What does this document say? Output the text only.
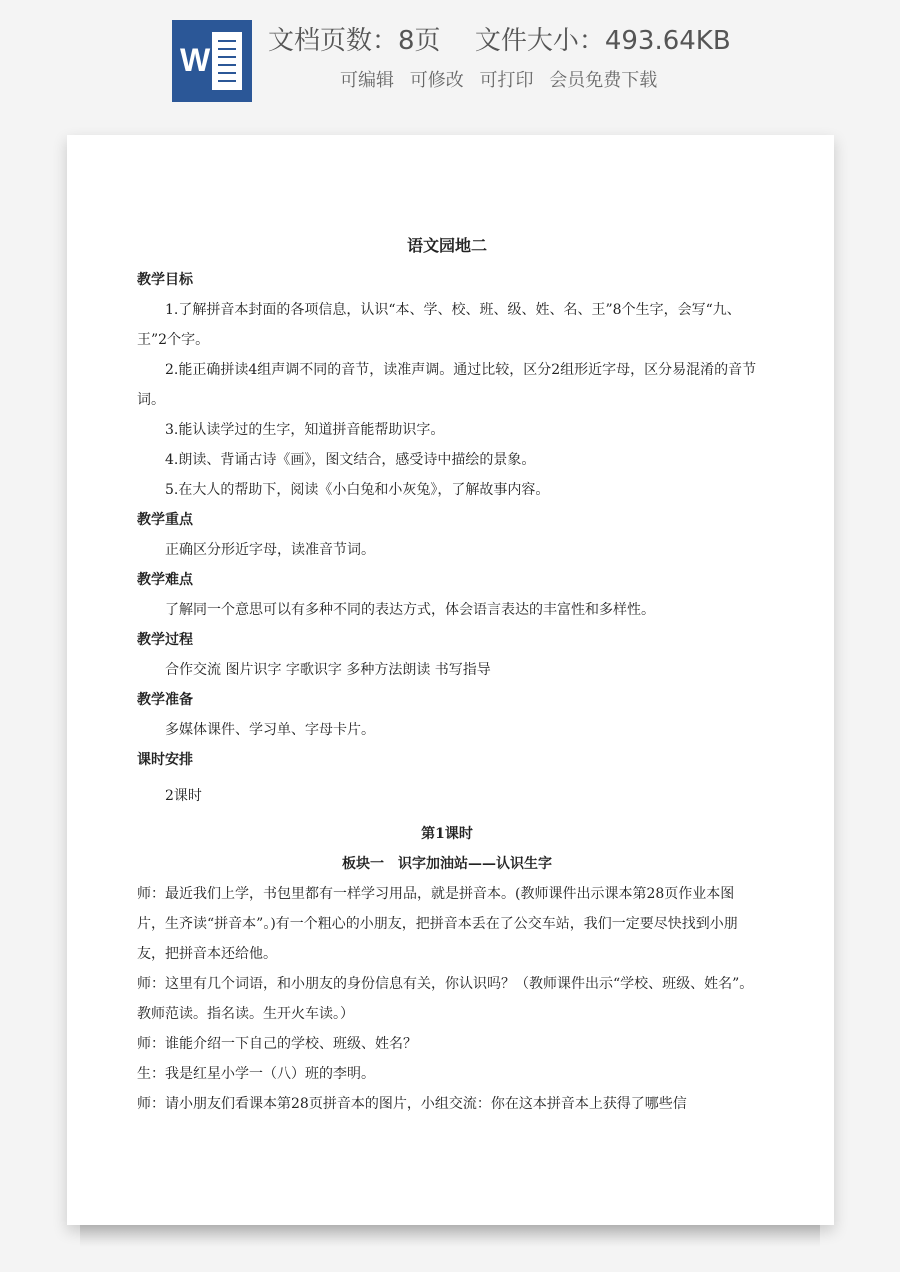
W
文档页数：8页 文件大小：493.64KB
可编辑 可修改 可打印 会员免费下载
语文园地二
教学目标

1.了解拼音本封面的各项信息，认识“本、学、校、班、级、姓、名、王”8个生字，会写“九、王”2个字。

2.能正确拼读4组声调不同的音节，读准声调。通过比较，区分2组形近字母，区分易混淆的音节词。

3.能认读学过的生字，知道拼音能帮助识字。

4.朗读、背诵古诗《画》，图文结合，感受诗中描绘的景象。

5.在大人的帮助下，阅读《小白兔和小灰兔》，了解故事内容。

教学重点

正确区分形近字母，读准音节词。

教学难点

了解同一个意思可以有多种不同的表达方式，体会语言表达的丰富性和多样性。

教学过程

合作交流 图片识字 字歌识字 多种方法朗读 书写指导

教学准备

多媒体课件、学习单、字母卡片。

课时安排
2课时
第1课时
板块一　识字加油站——认识生字

师：最近我们上学，书包里都有一样学习用品，就是拼音本。(教师课件出示课本第28页作业本图片，生齐读“拼音本”。)有一个粗心的小朋友，把拼音本丢在了公交车站，我们一定要尽快找到小朋友，把拼音本还给他。

师：这里有几个词语，和小朋友的身份信息有关，你认识吗？（教师课件出示“学校、班级、姓名”。教师范读。指名读。生开火车读。）

师：谁能介绍一下自己的学校、班级、姓名？

生：我是红星小学一（八）班的李明。

师：请小朋友们看课本第28页拼音本的图片，小组交流：你在这本拼音本上获得了哪些信
